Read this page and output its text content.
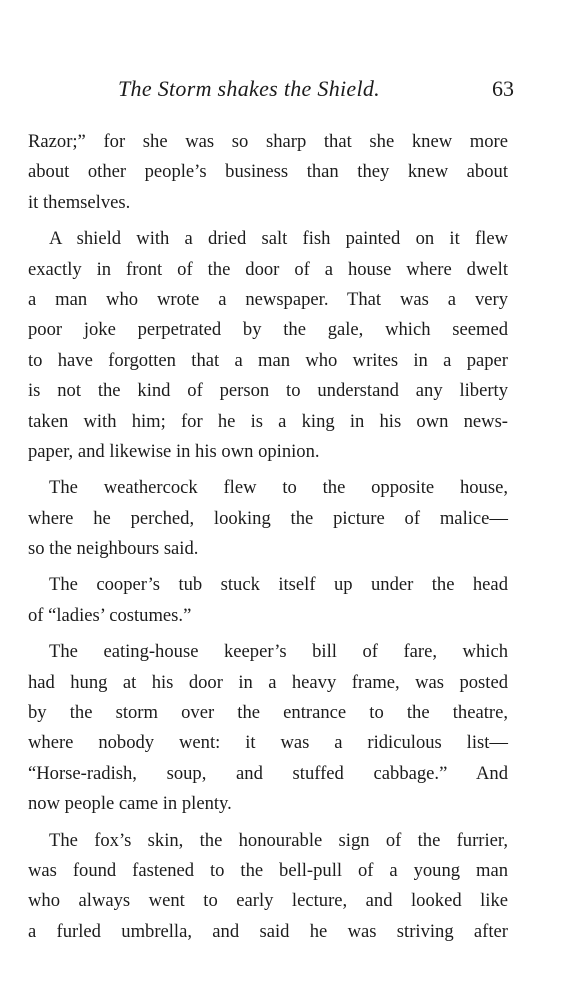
The Storm shakes the Shield.	63
Razor;” for she was so sharp that she knew more
about other people’s business than they knew about
it themselves.
A shield with a dried salt fish painted on it flew
exactly in front of the door of a house where dwelt
a man who wrote a newspaper. That was a very
poor joke perpetrated by the gale, which seemed
to have forgotten that a man who writes in a paper
is not the kind of person to understand any liberty
taken with him; for he is a king in his own news-
paper, and likewise in his own opinion.
The weathercock flew to the opposite house,
where he perched, looking the picture of malice—
so the neighbours said.
The cooper’s tub stuck itself up under the head
of “ladies’ costumes.”
The eating-house keeper’s bill of fare, which
had hung at his door in a heavy frame, was posted
by the storm over the entrance to the theatre,
where nobody went: it was a ridiculous list—
“Horse-radish, soup, and stuffed cabbage.” And
now people came in plenty.
The fox’s skin, the honourable sign of the furrier,
was found fastened to the bell-pull of a young man
who always went to early lecture, and looked like
a furled umbrella, and said he was striving after
